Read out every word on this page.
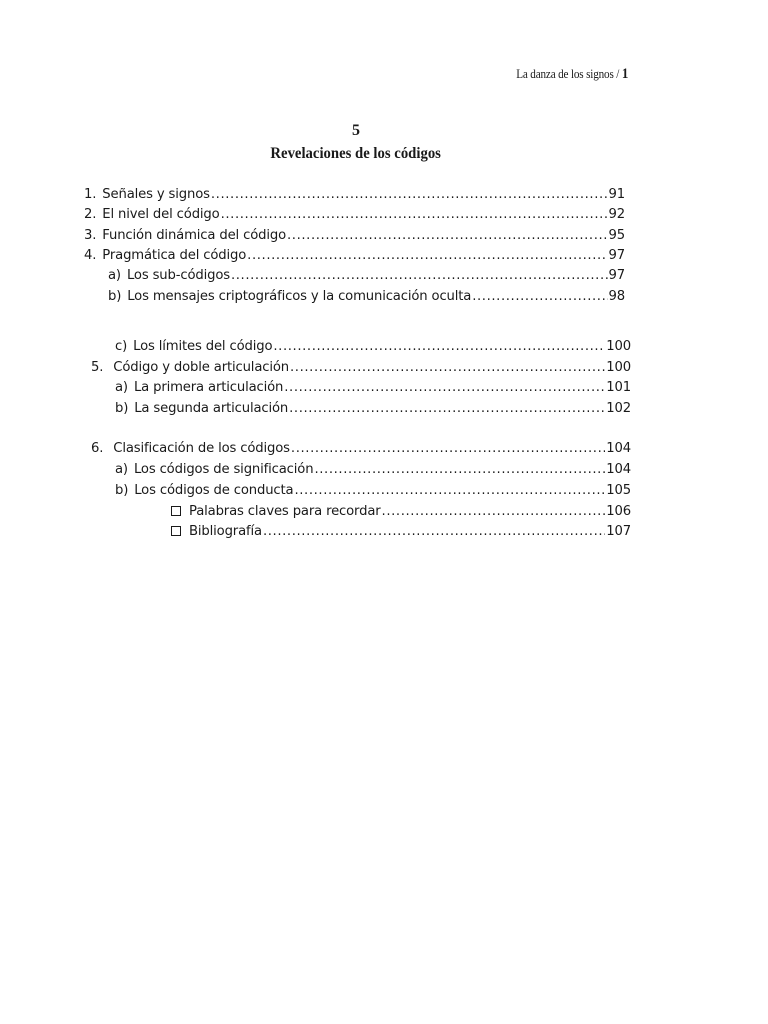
La danza de los signos / 1
5
Revelaciones de los códigos
1. Señales y signos .....	91
2. El nivel del código .....	92
3. Función dinámica del código .....	95
4. Pragmática del código .....	97
a) Los sub-códigos .....	97
b) Los mensajes criptográficos y la comunicación oculta .....	98
c) Los límites del código .....	100
5. Código y doble articulación .....	100
a) La primera articulación .....	101
b) La segunda articulación .....	102
6. Clasificación de los códigos .....	104
a) Los códigos de significación .....	104
b) Los códigos de conducta .....	105
Palabras claves para recordar .....	106
Bibliografía .....	107
